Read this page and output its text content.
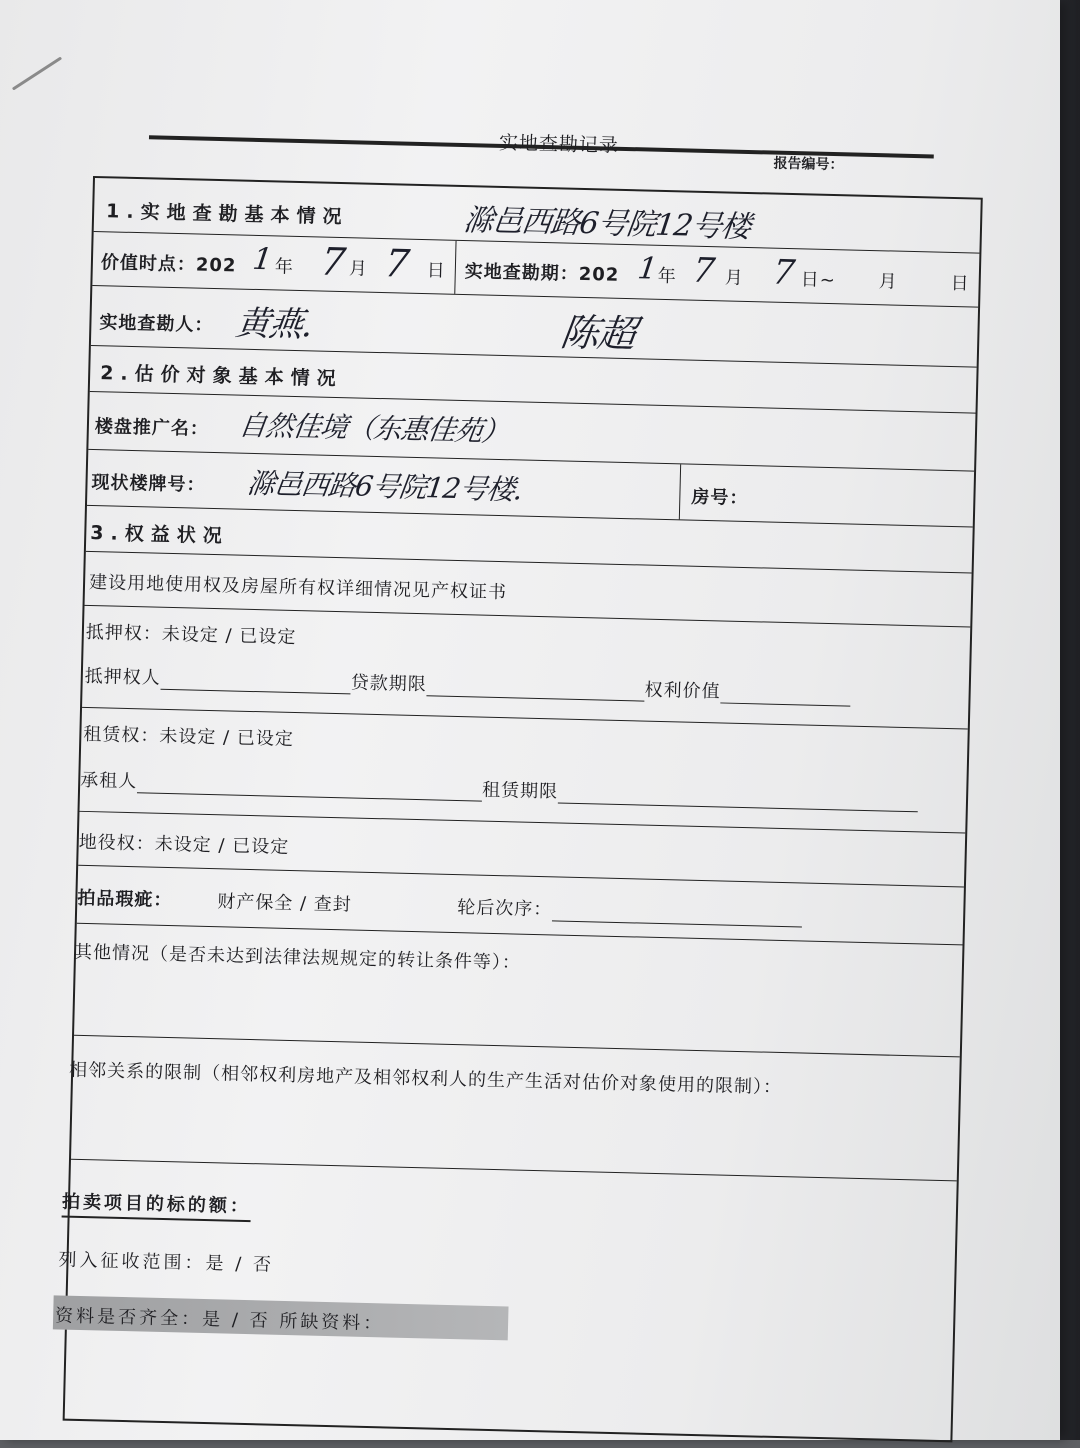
实地查勘记录
报告编号：
1.实地查勘基本情况	滁邑西路6号院12号楼
价值时点：202 1 年 7 月 7 日 实地查勘期：202 1 年 7 月 7 日~ 月	日
实地查勘人： 黄燕.	陈超
2.估价对象基本情况
楼盘推广名： 自然佳境（东惠佳苑）
现状楼牌号： 滁邑西路6号院12号楼.	房号：
3.权益状况
建设用地使用权及房屋所有权详细情况见产权证书
抵押权：未设定 / 已设定
抵押权人	贷款期限	权利价值
租赁权：未设定 / 已设定
承租人	租赁期限
地役权：未设定 / 已设定
拍品瑕疵： 财产保全 / 查封	轮后次序：
其他情况（是否未达到法律法规规定的转让条件等）：
相邻关系的限制（相邻权利房地产及相邻权利人的生产生活对估价对象使用的限制）：
拍卖项目的标的额：
列入征收范围：是 / 否
资料是否齐全：是 / 否 所缺资料：
